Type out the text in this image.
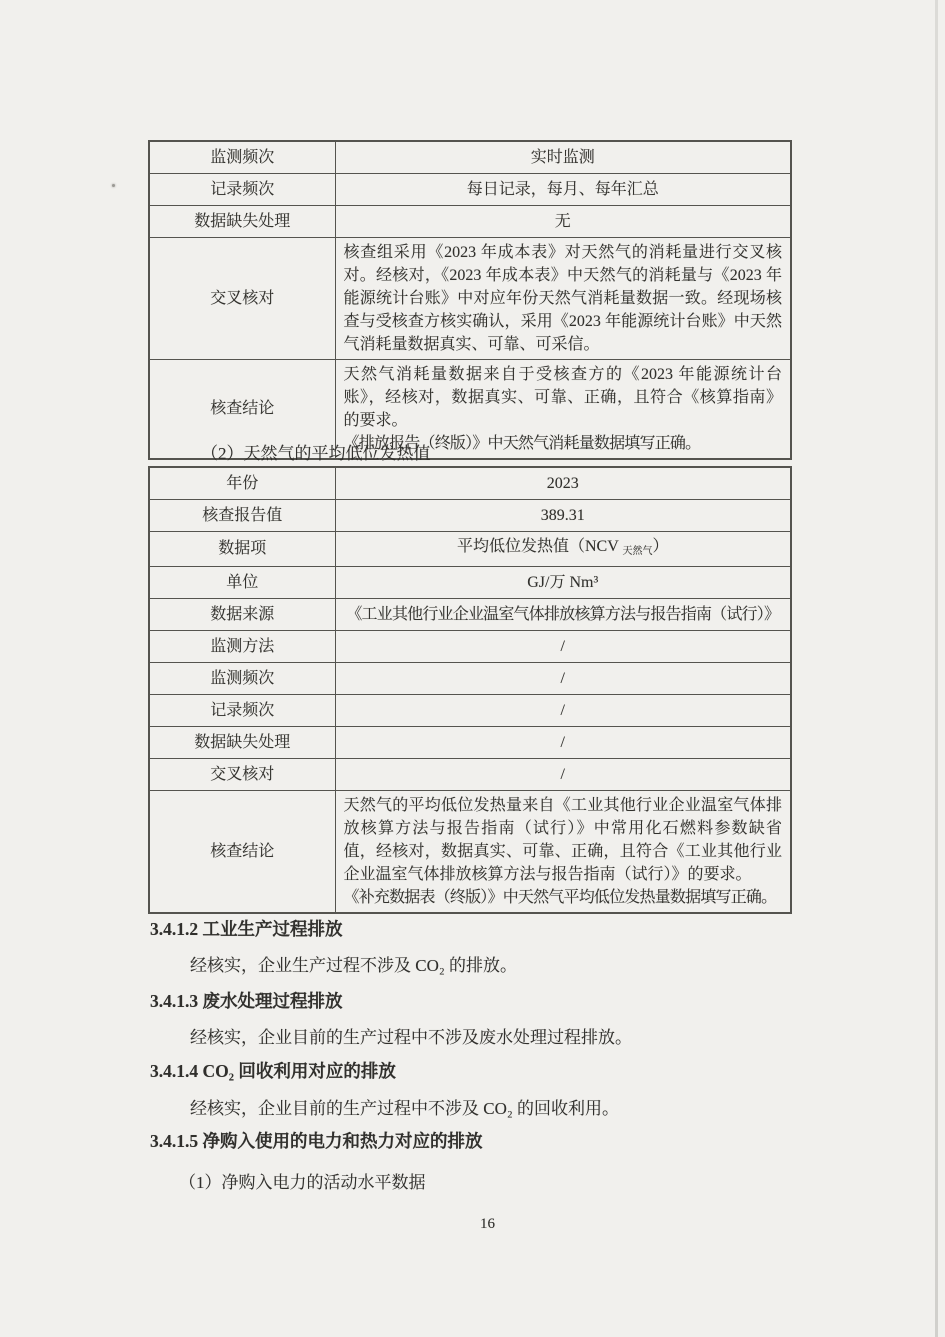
监测频次	实时监测
记录频次	每日记录，每月、每年汇总
数据缺失处理	无
交叉核对	核查组采用《2023 年成本表》对天然气的消耗量进行交叉核对。经核对，《2023 年成本表》中天然气的消耗量与《2023 年能源统计台账》中对应年份天然气消耗量数据一致。经现场核查与受核查方核实确认，采用《2023 年能源统计台账》中天然气消耗量数据真实、可靠、可采信。

核查结论	天然气消耗量数据来自于受核查方的《2023 年能源统计台账》，经核对，数据真实、可靠、正确，且符合《核算指南》的要求。
《排放报告（终版）》中天然气消耗量数据填写正确。
（2）天然气的平均低位发热值
年份	2023
核查报告值	389.31
数据项	平均低位发热值（NCV 天然气）
单位	GJ/万 Nm³
数据来源	《工业其他行业企业温室气体排放核算方法与报告指南（试行）》
监测方法	/
监测频次	/
记录频次	/
数据缺失处理	/
交叉核对	/
核查结论	天然气的平均低位发热量来自《工业其他行业企业温室气体排放核算方法与报告指南（试行）》中常用化石燃料参数缺省值，经核对，数据真实、可靠、正确，且符合《工业其他行业企业温室气体排放核算方法与报告指南（试行）》的要求。
《补充数据表（终版）》中天然气平均低位发热量数据填写正确。
3.4.1.2 工业生产过程排放
经核实，企业生产过程不涉及 CO₂ 的排放。
3.4.1.3 废水处理过程排放
经核实，企业目前的生产过程中不涉及废水处理过程排放。
3.4.1.4 CO₂ 回收利用对应的排放
经核实，企业目前的生产过程中不涉及 CO₂ 的回收利用。
3.4.1.5 净购入使用的电力和热力对应的排放
（1）净购入电力的活动水平数据
16
